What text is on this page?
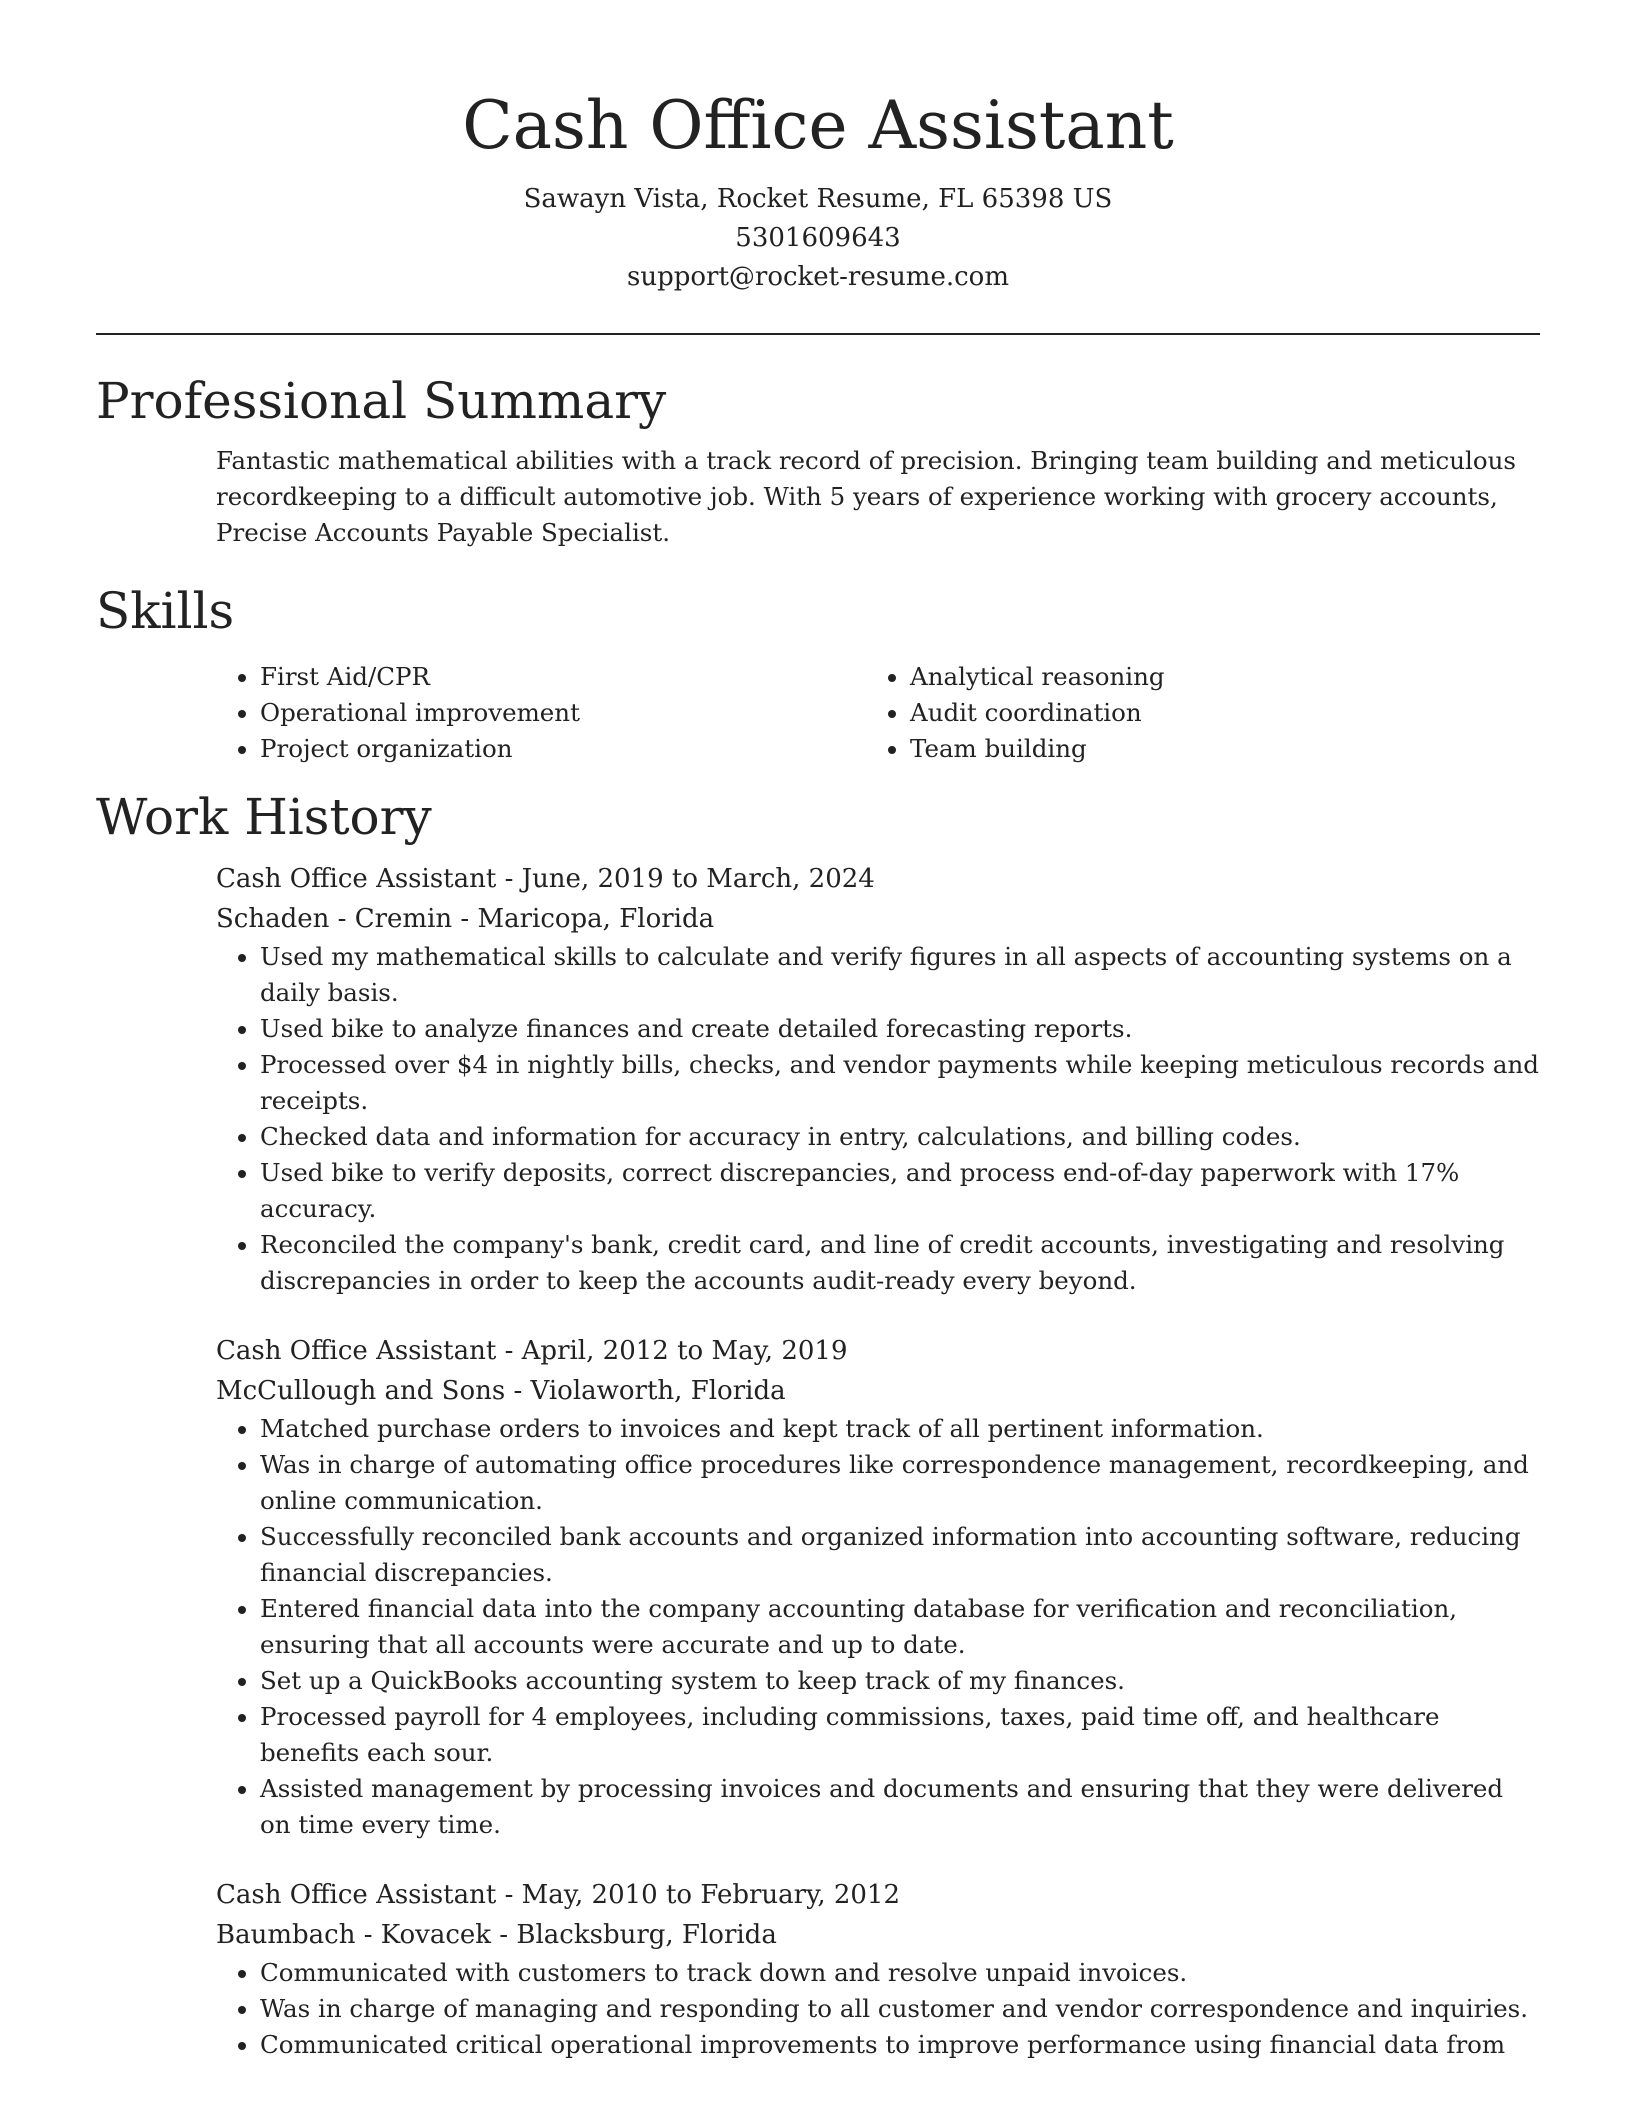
Cash Office Assistant
Sawayn Vista, Rocket Resume, FL 65398 US
5301609643
support@rocket-resume.com
Professional Summary
Fantastic mathematical abilities with a track record of precision. Bringing team building and meticulous recordkeeping to a difficult automotive job. With 5 years of experience working with grocery accounts, Precise Accounts Payable Specialist.
Skills
• First Aid/CPR
• Operational improvement
• Project organization
• Analytical reasoning
• Audit coordination
• Team building
Work History
Cash Office Assistant - June, 2019 to March, 2024
Schaden - Cremin - Maricopa, Florida
• Used my mathematical skills to calculate and verify figures in all aspects of accounting systems on a daily basis.
• Used bike to analyze finances and create detailed forecasting reports.
• Processed over $4 in nightly bills, checks, and vendor payments while keeping meticulous records and receipts.
• Checked data and information for accuracy in entry, calculations, and billing codes.
• Used bike to verify deposits, correct discrepancies, and process end-of-day paperwork with 17% accuracy.
• Reconciled the company's bank, credit card, and line of credit accounts, investigating and resolving discrepancies in order to keep the accounts audit-ready every beyond.
Cash Office Assistant - April, 2012 to May, 2019
McCullough and Sons - Violaworth, Florida
• Matched purchase orders to invoices and kept track of all pertinent information.
• Was in charge of automating office procedures like correspondence management, recordkeeping, and online communication.
• Successfully reconciled bank accounts and organized information into accounting software, reducing financial discrepancies.
• Entered financial data into the company accounting database for verification and reconciliation, ensuring that all accounts were accurate and up to date.
• Set up a QuickBooks accounting system to keep track of my finances.
• Processed payroll for 4 employees, including commissions, taxes, paid time off, and healthcare benefits each sour.
• Assisted management by processing invoices and documents and ensuring that they were delivered on time every time.
Cash Office Assistant - May, 2010 to February, 2012
Baumbach - Kovacek - Blacksburg, Florida
• Communicated with customers to track down and resolve unpaid invoices.
• Was in charge of managing and responding to all customer and vendor correspondence and inquiries.
• Communicated critical operational improvements to improve performance using financial data from
